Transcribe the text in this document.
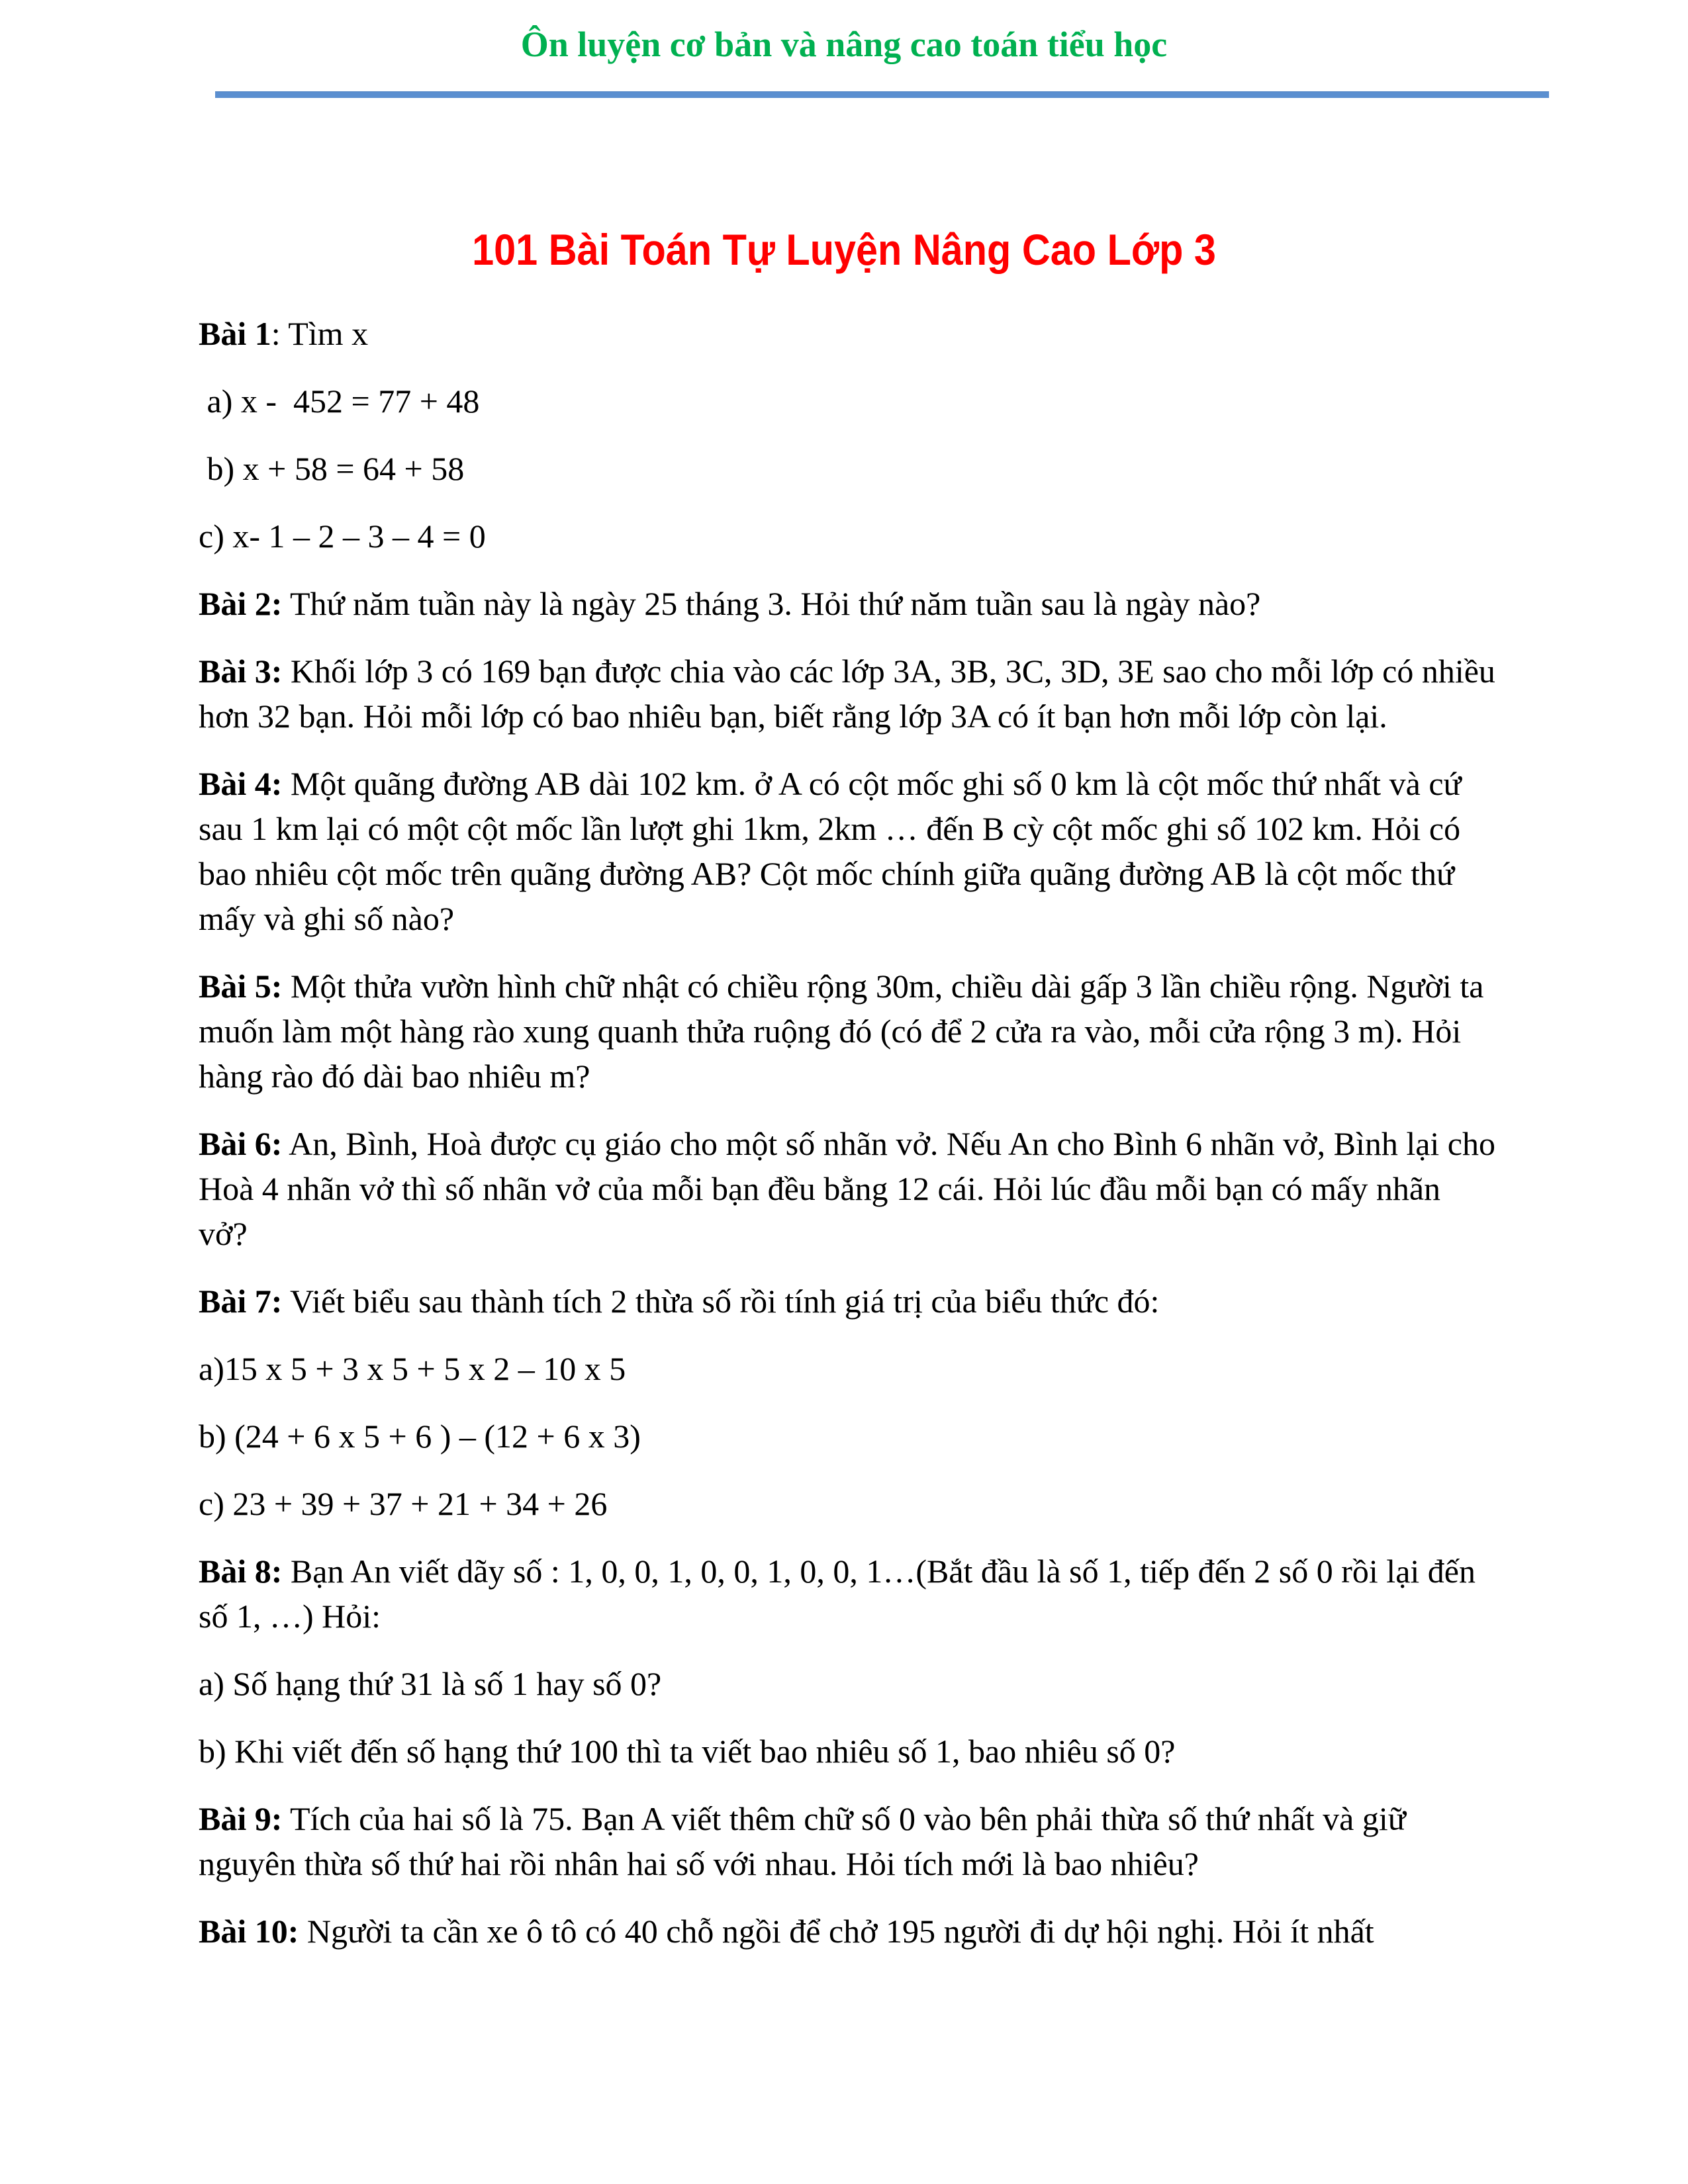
Ôn luyện cơ bản và nâng cao toán tiểu học
101 Bài Toán Tự Luyện Nâng Cao Lớp 3

Bài 1: Tìm x

a) x -  452 = 77 + 48

b) x + 58 = 64 + 58

c) x- 1 – 2 – 3 – 4 = 0

Bài 2: Thứ năm tuần này là ngày 25 tháng 3. Hỏi thứ năm tuần sau là ngày nào?

Bài 3: Khối lớp 3 có 169 bạn được chia vào các lớp 3A, 3B, 3C, 3D, 3E sao cho mỗi lớp có nhiều hơn 32 bạn. Hỏi mỗi lớp có bao nhiêu bạn, biết rằng lớp 3A có ít bạn hơn mỗi lớp còn lại.

Bài 4: Một quãng đường AB dài 102 km. ở A có cột mốc ghi số 0 km là cột mốc thứ nhất và cứ sau 1 km lại có một cột mốc lần lượt ghi 1km, 2km … đến B cỳ cột mốc ghi số 102 km. Hỏi có bao nhiêu cột mốc trên quãng đường AB? Cột mốc chính giữa quãng đường AB là cột mốc thứ mấy và ghi số nào?

Bài 5: Một thửa vườn hình chữ nhật có chiều rộng 30m, chiều dài gấp 3 lần chiều rộng. Người ta muốn làm một hàng rào xung quanh thửa ruộng đó (có để 2 cửa ra vào, mỗi cửa rộng 3 m). Hỏi hàng rào đó dài bao nhiêu m?

Bài 6: An, Bình, Hoà được cụ giáo cho một số nhãn vở. Nếu An cho Bình 6 nhãn vở, Bình lại cho Hoà 4 nhãn vở thì số nhãn vở của mỗi bạn đều bằng 12 cái. Hỏi lúc đầu mỗi bạn có mấy nhãn vở?

Bài 7: Viết biểu sau thành tích 2 thừa số rồi tính giá trị của biểu thức đó:

a)15 x 5 + 3 x 5 + 5 x 2 – 10 x 5

b) (24 + 6 x 5 + 6 ) – (12 + 6 x 3)

c) 23 + 39 + 37 + 21 + 34 + 26

Bài 8: Bạn An viết dãy số : 1, 0, 0, 1, 0, 0, 1, 0, 0, 1…(Bắt đầu là số 1, tiếp đến 2 số 0 rồi lại đến số 1, …) Hỏi:

a) Số hạng thứ 31 là số 1 hay số 0?

b) Khi viết đến số hạng thứ 100 thì ta viết bao nhiêu số 1, bao nhiêu số 0?

Bài 9: Tích của hai số là 75. Bạn A viết thêm chữ số 0 vào bên phải thừa số thứ nhất và giữ nguyên thừa số thứ hai rồi nhân hai số với nhau. Hỏi tích mới là bao nhiêu?

Bài 10: Người ta cần xe ô tô có 40 chỗ ngồi để chở 195 người đi dự hội nghị. Hỏi ít nhất
